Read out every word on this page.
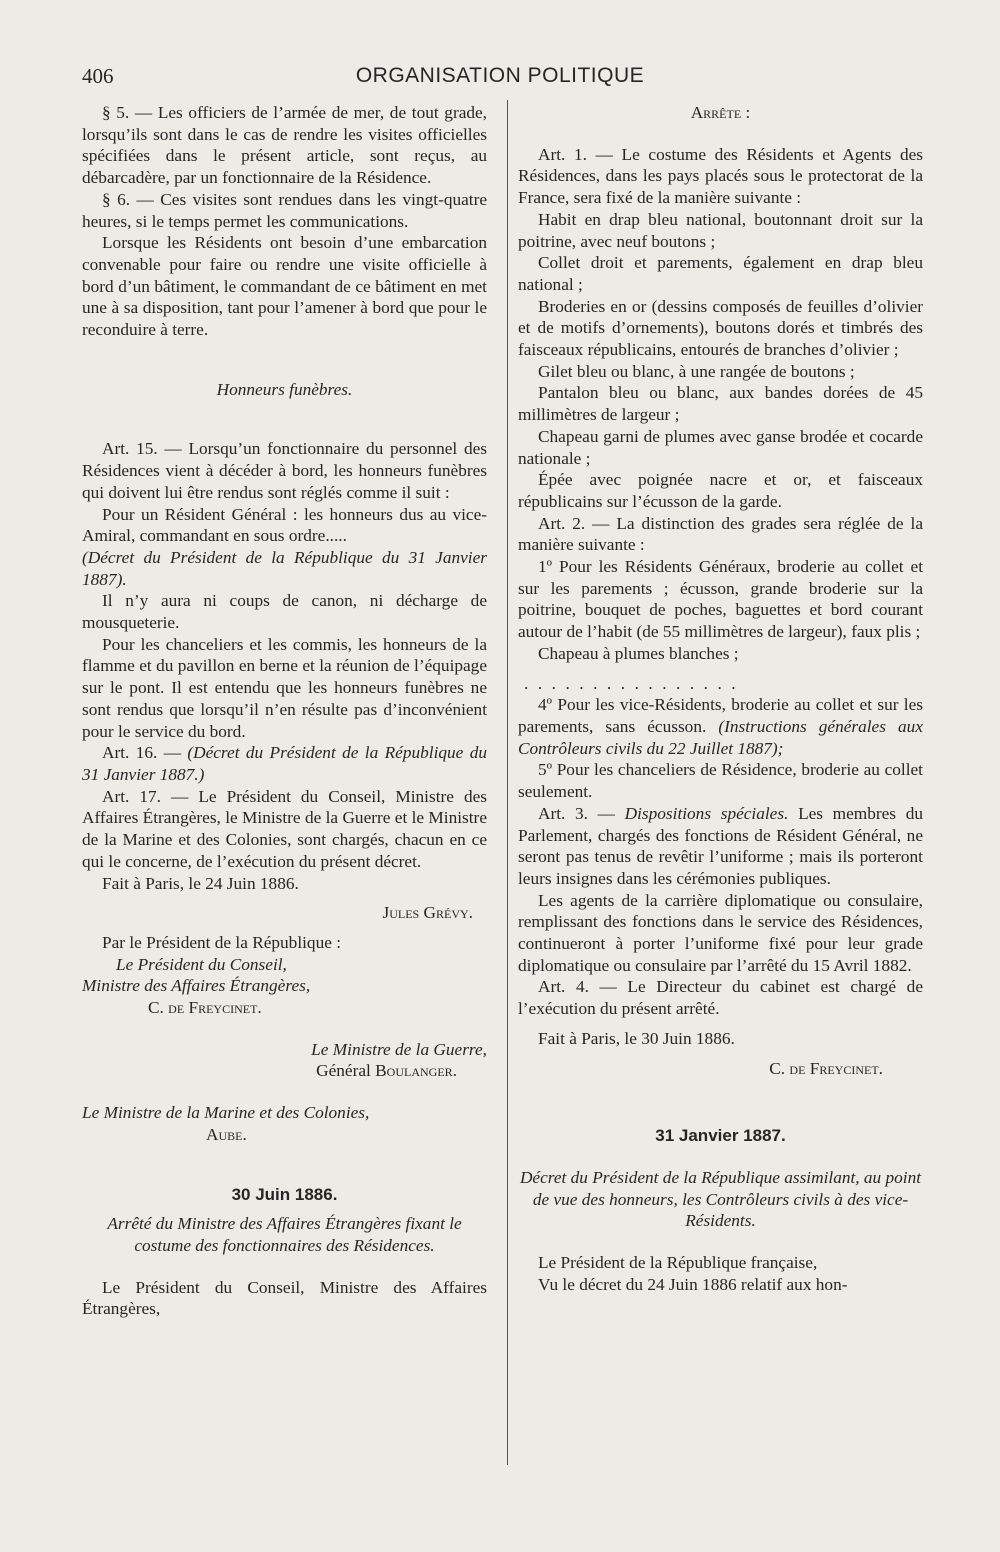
406	ORGANISATION POLITIQUE

§ 5. — Les officiers de l’armée de mer, de tout grade, lorsqu’ils sont dans le cas de rendre les visites officielles spécifiées dans le présent article, sont reçus, au débarcadère, par un fonctionnaire de la Résidence.

§ 6. — Ces visites sont rendues dans les vingt-quatre heures, si le temps permet les communications.

Lorsque les Résidents ont besoin d’une embarcation convenable pour faire ou rendre une visite officielle à bord d’un bâtiment, le commandant de ce bâtiment en met une à sa disposition, tant pour l’amener à bord que pour le reconduire à terre.

Honneurs funèbres.

Art. 15. — Lorsqu’un fonctionnaire du personnel des Résidences vient à décéder à bord, les honneurs funèbres qui doivent lui être rendus sont réglés comme il suit :

Pour un Résident Général : les honneurs dus au vice-Amiral, commandant en sous ordre.....

(Décret du Président de la République du 31 Janvier 1887).

Il n’y aura ni coups de canon, ni décharge de mousqueterie.

Pour les chanceliers et les commis, les honneurs de la flamme et du pavillon en berne et la réunion de l’équipage sur le pont. Il est entendu que les honneurs funèbres ne sont rendus que lorsqu’il n’en résulte pas d’inconvénient pour le service du bord.

Art. 16. — (Décret du Président de la République du 31 Janvier 1887.)

Art. 17. — Le Président du Conseil, Ministre des Affaires Étrangères, le Ministre de la Guerre et le Ministre de la Marine et des Colonies, sont chargés, chacun en ce qui le concerne, de l’exécution du présent décret.

Fait à Paris, le 24 Juin 1886.

Jules Grévy.

Par le Président de la République :

Le Président du Conseil,

Ministre des Affaires Étrangères,

C. de Freycinet.

Le Ministre de la Guerre,

Général Boulanger.

Le Ministre de la Marine et des Colonies,

Aube.

30 Juin 1886.

Arrêté du Ministre des Affaires Étrangères fixant le costume des fonctionnaires des Résidences.

Le Président du Conseil, Ministre des Affaires Étrangères,

Arrête :

Art. 1. — Le costume des Résidents et Agents des Résidences, dans les pays placés sous le protectorat de la France, sera fixé de la manière suivante :

Habit en drap bleu national, boutonnant droit sur la poitrine, avec neuf boutons ;

Collet droit et parements, également en drap bleu national ;

Broderies en or (dessins composés de feuilles d’olivier et de motifs d’ornements), boutons dorés et timbrés des faisceaux républicains, entourés de branches d’olivier ;

Gilet bleu ou blanc, à une rangée de boutons ;

Pantalon bleu ou blanc, aux bandes dorées de 45 millimètres de largeur ;

Chapeau garni de plumes avec ganse brodée et cocarde nationale ;

Épée avec poignée nacre et or, et faisceaux républicains sur l’écusson de la garde.

Art. 2. — La distinction des grades sera réglée de la manière suivante :

1º Pour les Résidents Généraux, broderie au collet et sur les parements ; écusson, grande broderie sur la poitrine, bouquet de poches, baguettes et bord courant autour de l’habit (de 55 millimètres de largeur), faux plis ;

Chapeau à plumes blanches ;

................

4º Pour les vice-Résidents, broderie au collet et sur les parements, sans écusson. (Instructions générales aux Contrôleurs civils du 22 Juillet 1887);

5º Pour les chanceliers de Résidence, broderie au collet seulement.

Art. 3. — Dispositions spéciales. Les membres du Parlement, chargés des fonctions de Résident Général, ne seront pas tenus de revêtir l’uniforme ; mais ils porteront leurs insignes dans les cérémonies publiques.

Les agents de la carrière diplomatique ou consulaire, remplissant des fonctions dans le service des Résidences, continueront à porter l’uniforme fixé pour leur grade diplomatique ou consulaire par l’arrêté du 15 Avril 1882.

Art. 4. — Le Directeur du cabinet est chargé de l’exécution du présent arrêté.

Fait à Paris, le 30 Juin 1886.

C. de Freycinet.

31 Janvier 1887.

Décret du Président de la République assimilant, au point de vue des honneurs, les Contrôleurs civils à des vice-Résidents.

Le Président de la République française,

Vu le décret du 24 Juin 1886 relatif aux hon-
